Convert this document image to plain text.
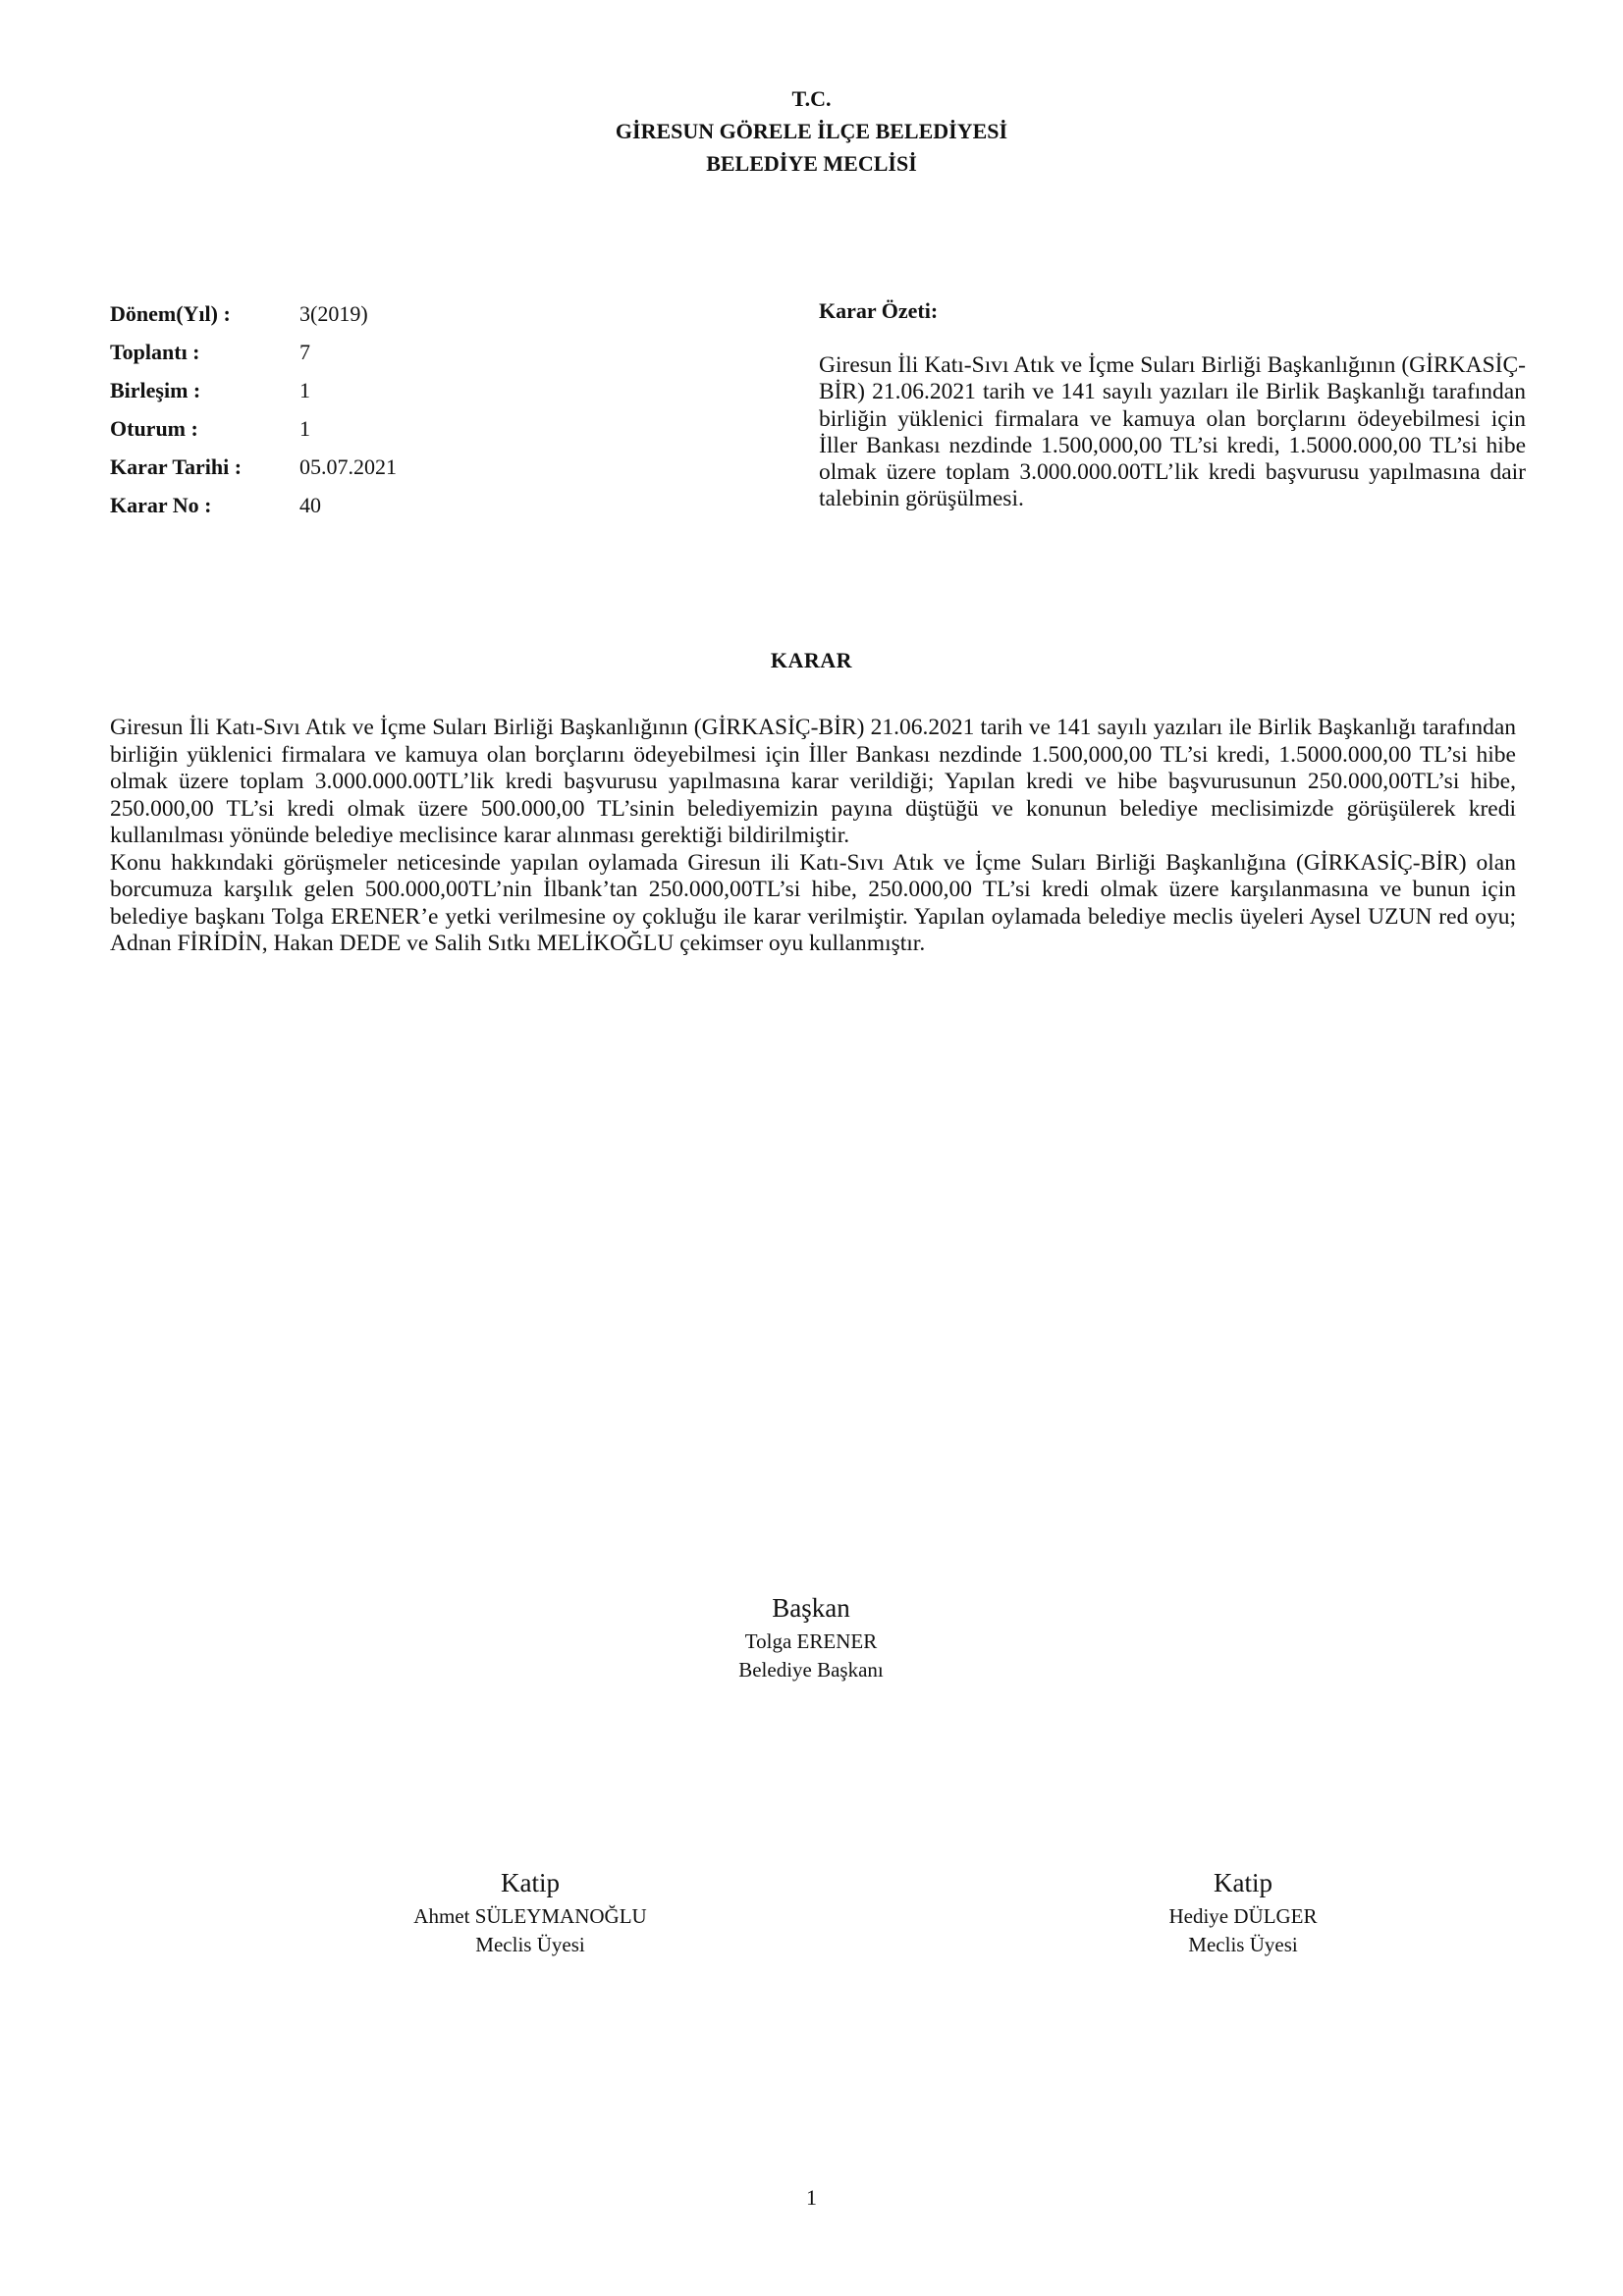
T.C.
GİRESUN GÖRELE İLÇE BELEDİYESİ
BELEDİYE MECLİSİ
Dönem(Yıl) :	3(2019)
Toplantı :	7
Birleşim :	1
Oturum :	1
Karar Tarihi :	05.07.2021
Karar No :	40
Karar Özeti:
Giresun İli Katı-Sıvı Atık ve İçme Suları Birliği Başkanlığının (GİRKASİÇ-BİR) 21.06.2021 tarih ve 141 sayılı yazıları ile Birlik Başkanlığı tarafından birliğin yüklenici firmalara ve kamuya olan borçlarını ödeyebilmesi için İller Bankası nezdinde 1.500,000,00 TL’si kredi, 1.5000.000,00 TL’si hibe olmak üzere toplam 3.000.000.00TL’lik kredi başvurusu yapılmasına dair talebinin görüşülmesi.
KARAR

Giresun İli Katı-Sıvı Atık ve İçme Suları Birliği Başkanlığının (GİRKASİÇ-BİR) 21.06.2021 tarih ve 141 sayılı yazıları ile Birlik Başkanlığı tarafından birliğin yüklenici firmalara ve kamuya olan borçlarını ödeyebilmesi için İller Bankası nezdinde 1.500,000,00 TL’si kredi, 1.5000.000,00 TL’si hibe olmak üzere toplam 3.000.000.00TL’lik kredi başvurusu yapılmasına karar verildiği; Yapılan kredi ve hibe başvurusunun 250.000,00TL’si hibe, 250.000,00 TL’si kredi olmak üzere 500.000,00 TL’sinin belediyemizin payına düştüğü ve konunun belediye meclisimizde görüşülerek kredi kullanılması yönünde belediye meclisince karar alınması gerektiği bildirilmiştir.

Konu hakkındaki görüşmeler neticesinde yapılan oylamada Giresun ili Katı-Sıvı Atık ve İçme Suları Birliği Başkanlığına (GİRKASİÇ-BİR) olan borcumuza karşılık gelen 500.000,00TL’nin İlbank’tan 250.000,00TL’si hibe, 250.000,00 TL’si kredi olmak üzere karşılanmasına ve bunun için belediye başkanı Tolga ERENER’e yetki verilmesine oy çokluğu ile karar verilmiştir. Yapılan oylamada belediye meclis üyeleri Aysel UZUN red oyu; Adnan FİRİDİN, Hakan DEDE ve Salih Sıtkı MELİKOĞLU çekimser oyu kullanmıştır.

Başkan
Tolga ERENER
Belediye Başkanı
Katip
Ahmet SÜLEYMANOĞLU
Meclis Üyesi
Katip
Hediye DÜLGER
Meclis Üyesi
1
